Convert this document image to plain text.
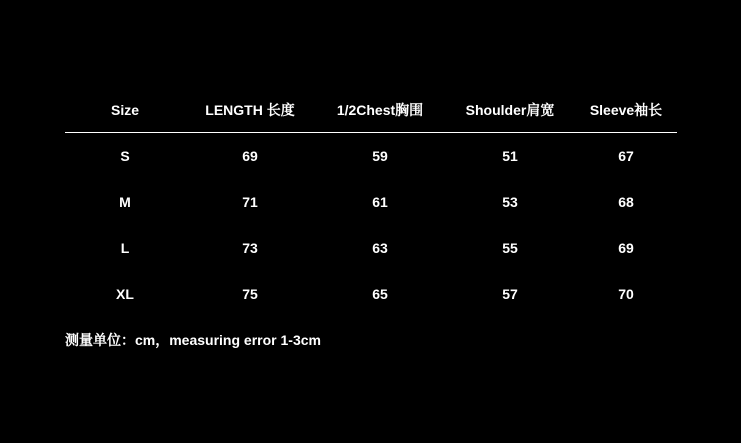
Size	LENGTH 长度	1/2Chest胸围	Shoulder肩宽	Sleeve袖长
S	69	59	51	67
M	71	61	53	68
L	73	63	55	69
XL	75	65	57	70
测量单位：cm，measuring error 1-3cm
